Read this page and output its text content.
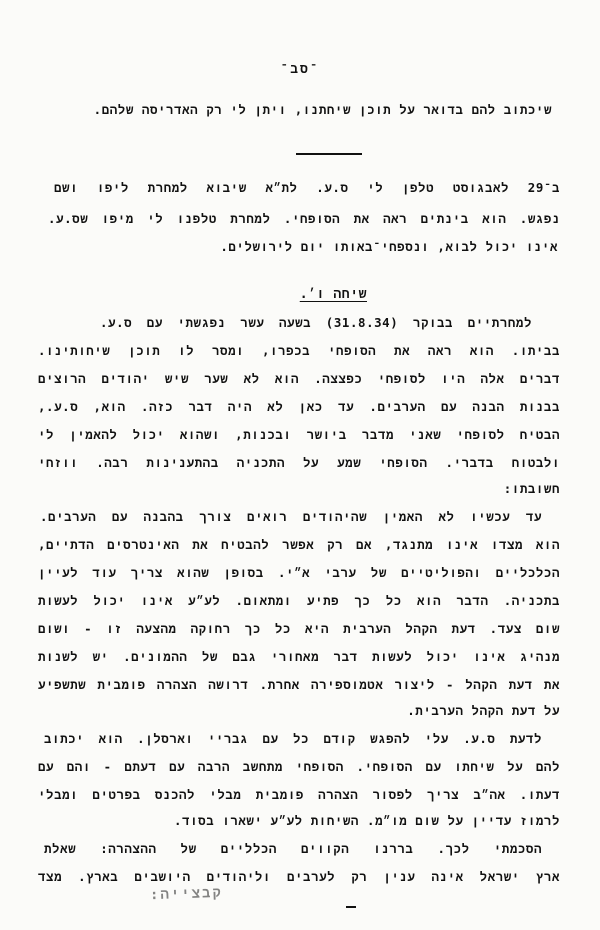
־סב־
שיכתוב להם בדואר על תוכן שיחתנו, ויתן לי רק האדריסה שלהם.
ב־29 לאבגוסט טלפן לי ס.ע. לת״א שיבוא למחרת ליפו ושם
נפגש. הוא בינתים ראה את הסופחי. למחרת טלפנו לי מיפו שס.ע.
אינו יכול לבוא, ונספחי־באותו יום לירושלים.
שיחה ו׳.
למחרתיים בבוקר (31.8.34) בשעה עשר נפגשתי עם ס.ע.
בביתו. הוא ראה את הסופחי בכפרו, ומסר לו תוכן שיחותינו.
דברים אלה היו לסופחי כפצצה. הוא לא שער שיש יהודים הרוצים
בבנות הבנה עם הערבים. עד כאן לא היה דבר כזה. הוא, ס.ע.,
הבטיח לסופחי שאני מדבר ביושר ובכנות, ושהוא יכול להאמין לי
ולבטוח בדברי. הסופחי שמע על התכניה בהתענינות רבה. ווזחי
חשובתו:
עד עכשיו לא האמין שהיהודים רואים צורך בהבנה עם הערבים.
הוא מצדו אינו מתנגד, אם רק אפשר להבטיח את האינטרסים הדתיים,
הכלכליים והפוליטיים של ערבי א״י. בסופן שהוא צריך עוד לעיין
בתכניה. הדבר הוא כל כך פתיע ומתאום. לע״ע אינו יכול לעשות
שום צעד. דעת הקהל הערבית היא כל כך רחוקה מהצעה זו - ושום
מנהיג אינו יכול לעשות דבר מאחורי גבם של ההמונים. יש לשנות
את דעת הקהל - ליצור אטמוספירה אחרת. דרושה הצהרה פומבית שתשפיע
על דעת הקהל הערבית.
לדעת ס.ע. עלי להפגש קודם כל עם גבריי וארסלן. הוא יכתוב
להם על שיחתו עם הסופחי. הסופחי מתחשב הרבה עם דעתם - והם עם
דעתו. אה״ב צריך לפסור הצהרה פומבית מבלי להכנס בפרטים ומבלי
לרמוז עדיין על שום מו״מ. השיחות לע״ע ישארו בסוד.
הסכמתי לכך. בררנו הקווים הכלליים של ההצהרה: שאלת
ארץ ישראל אינה ענין רק לערבים וליהודים היושבים בארץ. מצד
קבצייה‏:
